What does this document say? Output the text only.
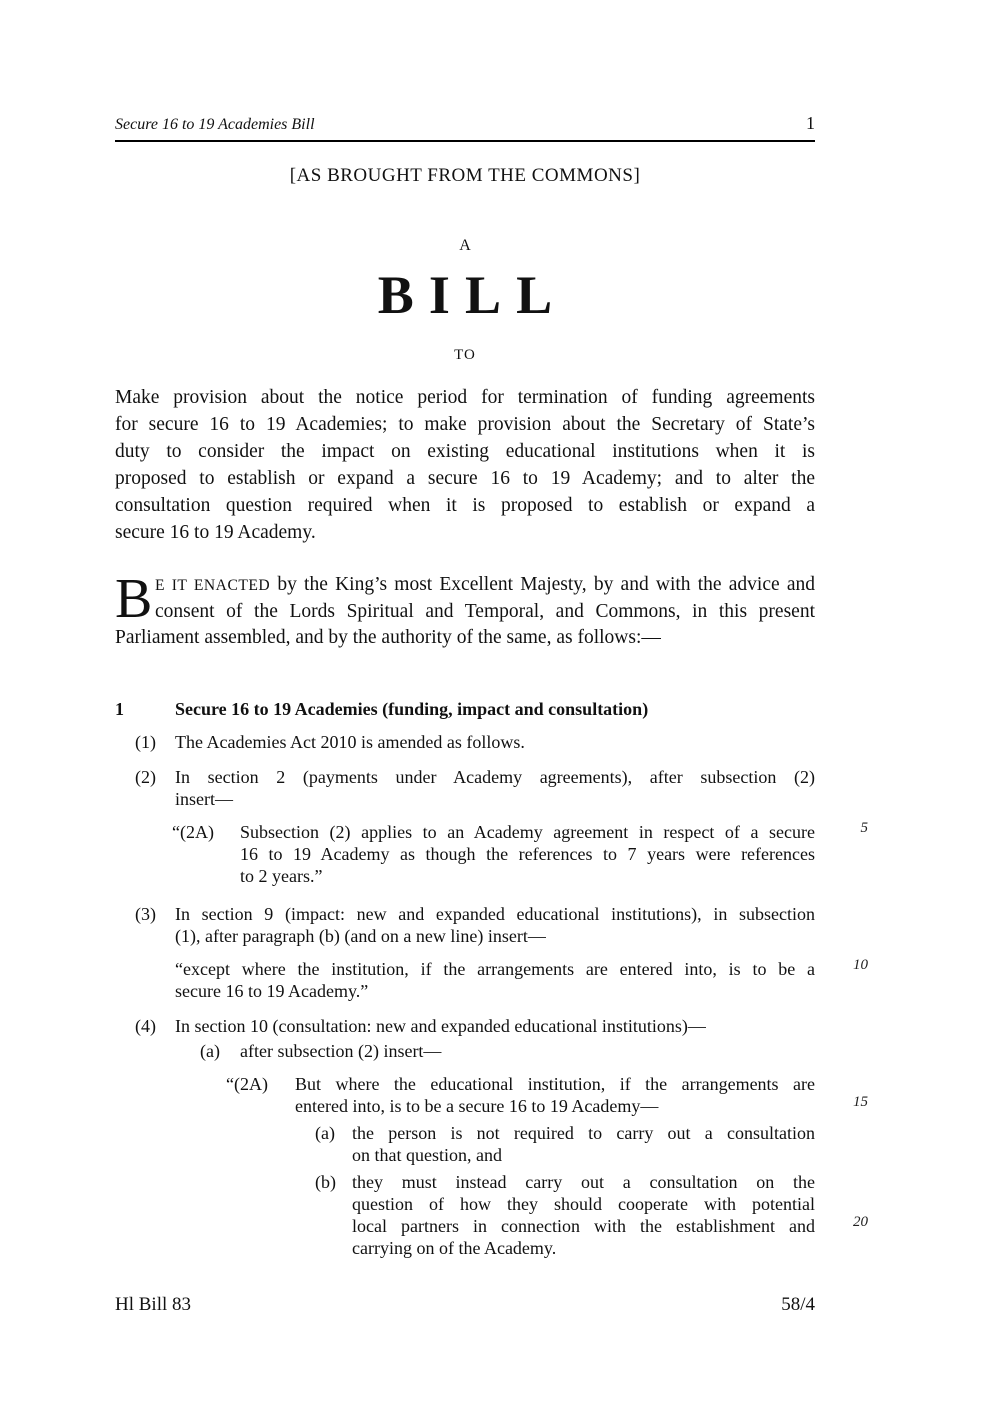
Secure 16 to 19 Academies Bill	1
[AS BROUGHT FROM THE COMMONS]
A
BILL
TO
Make provision about the notice period for termination of funding agreements
for secure 16 to 19 Academies; to make provision about the Secretary of State’s
duty to consider the impact on existing educational institutions when it is
proposed to establish or expand a secure 16 to 19 Academy; and to alter the
consultation question required when it is proposed to establish or expand a
secure 16 to 19 Academy.
B E IT ENACTED by the King’s most Excellent Majesty, by and with the advice and
consent of the Lords Spiritual and Temporal, and Commons, in this present
Parliament assembled, and by the authority of the same, as follows:—
1	Secure 16 to 19 Academies (funding, impact and consultation)
(1) The Academies Act 2010 is amended as follows.
(2) In section 2 (payments under Academy agreements), after subsection (2)
insert—
“(2A) Subsection (2) applies to an Academy agreement in respect of a secure
16 to 19 Academy as though the references to 7 years were references
to 2 years.”
(3) In section 9 (impact: new and expanded educational institutions), in subsection
(1), after paragraph (b) (and on a new line) insert—
“except where the institution, if the arrangements are entered into, is to be a
secure 16 to 19 Academy.”
(4) In section 10 (consultation: new and expanded educational institutions)—
(a) after subsection (2) insert—
“(2A) But where the educational institution, if the arrangements are
entered into, is to be a secure 16 to 19 Academy—
(a) the person is not required to carry out a consultation
on that question, and
(b) they must instead carry out a consultation on the
question of how they should cooperate with potential
local partners in connection with the establishment and
carrying on of the Academy.
5
10
15
20
Hl Bill 83	58/4
